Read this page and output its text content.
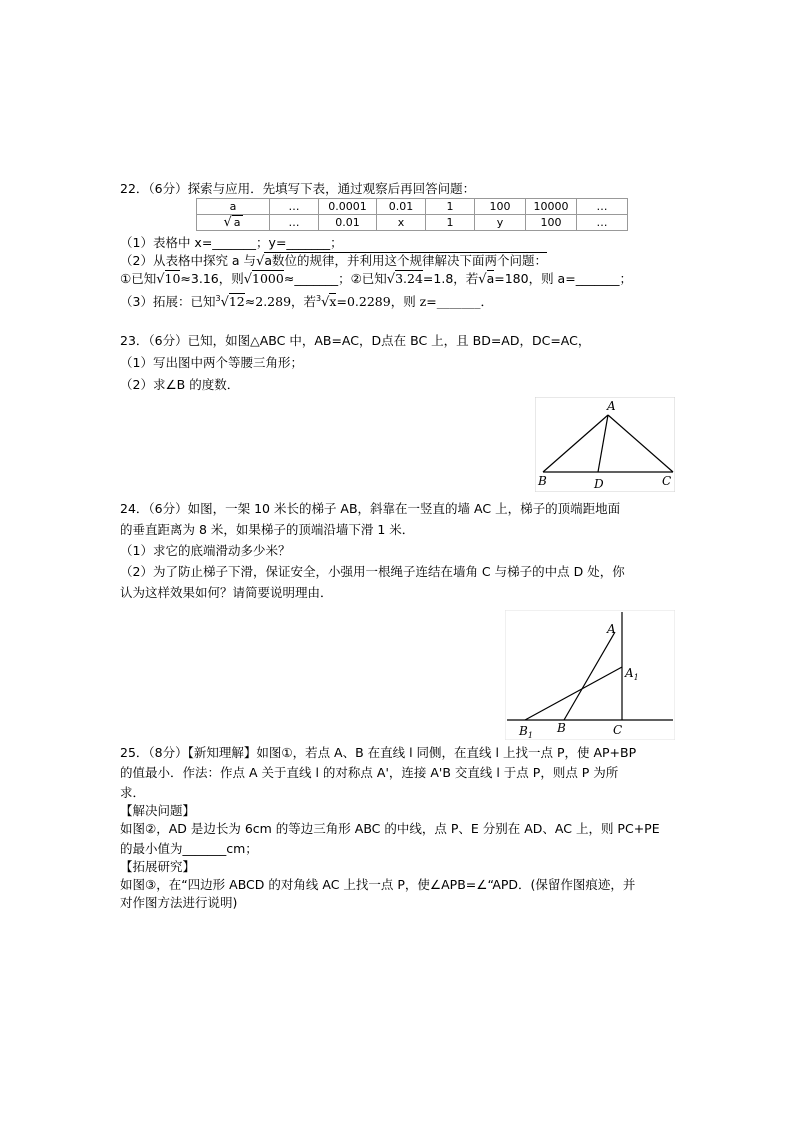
22．（6分）探索与应用．先填写下表，通过观察后再回答问题：
a	…	0.0001	0.01	1	100	10000	…
√ a	…	0.01	x	1	y	100	…
（1）表格中 x=_______；y=_______；
（2）从表格中探究 a 与√a数位的规律，并利用这个规律解决下面两个问题：
①已知√10≈3.16，则√1000≈_______；②已知√3.24=1.8，若√a=180，则 a=_______；
（3）拓展：已知$^3$√12≈2.289，若$^3$√x=0.2289，则 z=_______．
23．（6分）已知，如图△ABC 中，AB=AC，D点在 BC 上，且 BD=AD，DC=AC，
（1）写出图中两个等腰三角形；
（2）求∠B 的度数．
A
B	D	C
24．（6分）如图，一架 10 米长的梯子 AB，斜靠在一竖直的墙 AC 上，梯子的顶端距地面
的垂直距离为 8 米，如果梯子的顶端沿墙下滑 1 米．
（1）求它的底端滑动多少米？
（2）为了防止梯子下滑，保证安全，小强用一根绳子连结在墙角 C 与梯子的中点 D 处，你
认为这样效果如何？请简要说明理由．
A
$A_1$
$B_1$
B	C
25．（8分）【新知理解】如图①，若点 A、B 在直线 l 同侧，在直线 l 上找一点 P，使 AP+BP
的值最小．作法：作点 A 关于直线 l 的对称点 A'，连接 A'B 交直线 l 于点 P，则点 P 为所
求．
【解决问题】
如图②，AD 是边长为 6cm 的等边三角形 ABC 的中线，点 P、E 分别在 AD、AC 上，则 PC+PE
的最小值为_______cm；
【拓展研究】
如图③，在“四边形 ABCD 的对角线 AC 上找一点 P，使∠APB=∠“APD．(保留作图痕迹，并
对作图方法进行说明)
